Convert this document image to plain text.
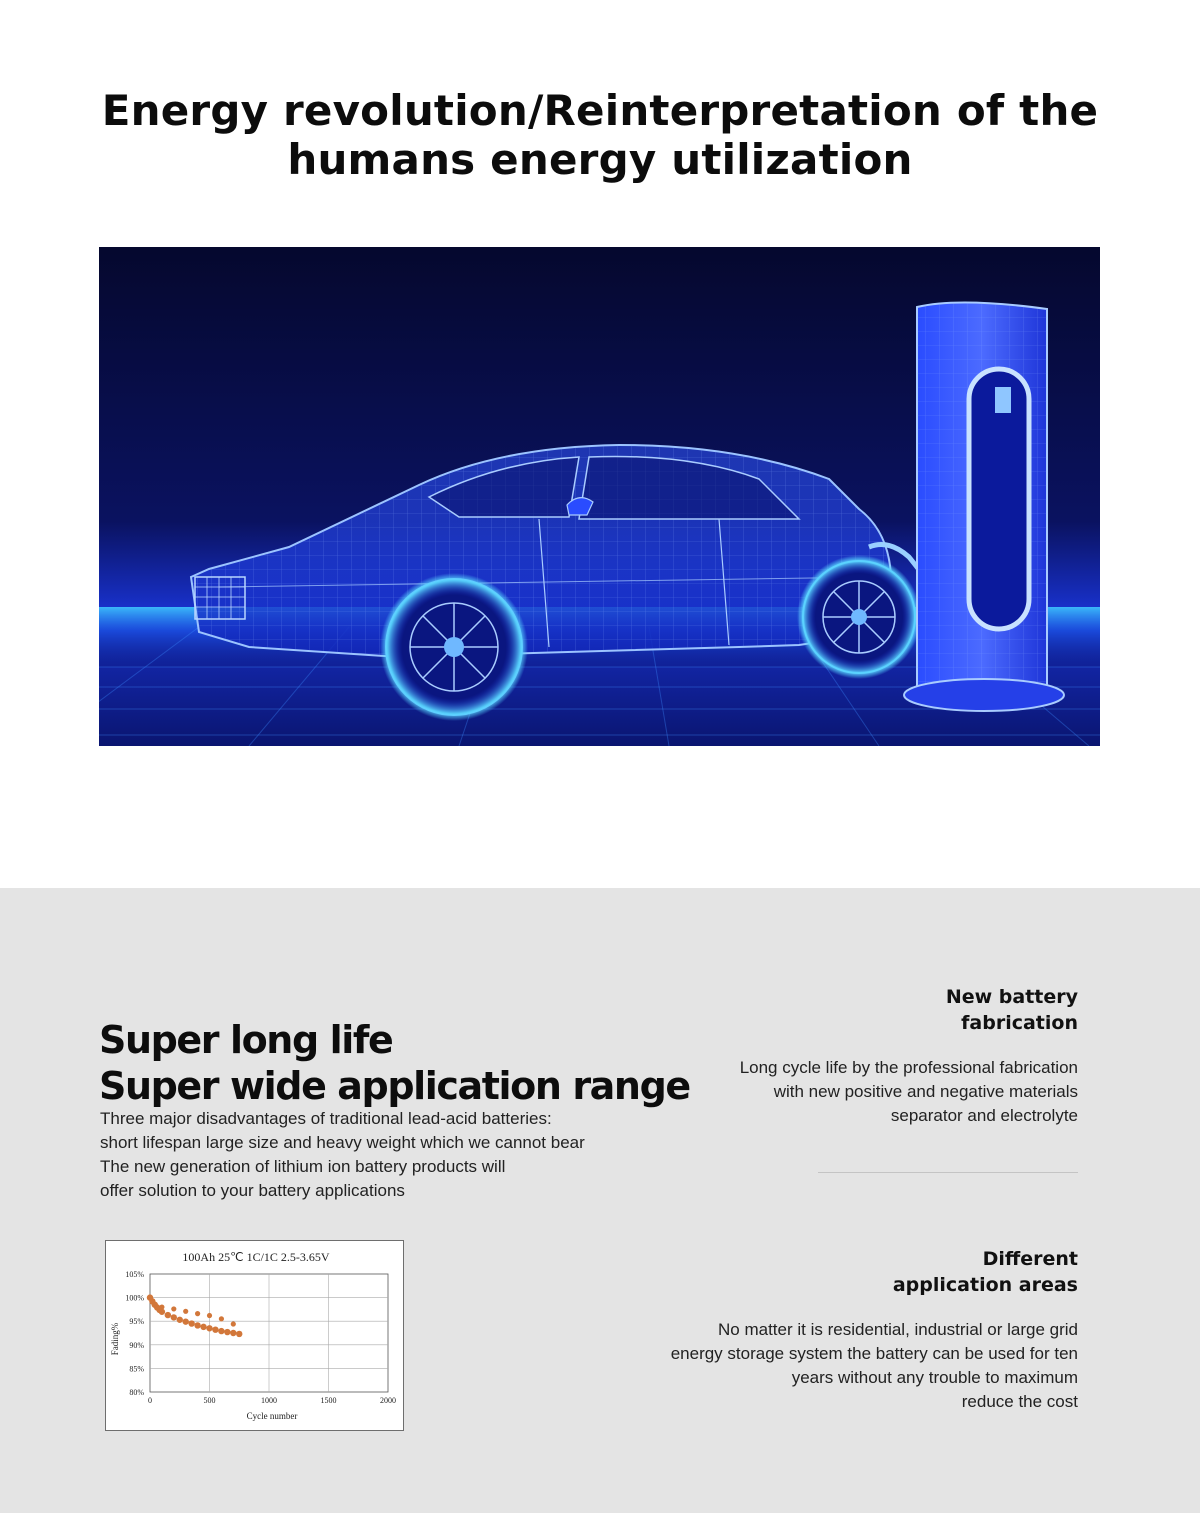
Energy revolution/Reinterpretation of the
humans energy utilization
Super long life
Super wide application range
Three major disadvantages of traditional lead-acid batteries:
short lifespan large size and heavy weight which we cannot bear
The new generation of lithium ion battery products will
offer solution to your battery applications
100Ah 25℃ 1C/1C 2.5-3.65V
Fading%
Cycle number
0	500	1000	1500	2000
80%
85%
90%
95%
100%
105%
New battery
fabrication
Long cycle life by the professional fabrication
with new positive and negative materials
separator and electrolyte
Different
application areas
No matter it is residential, industrial or large grid
energy storage system the battery can be used for ten
years without any trouble to maximum
reduce the cost
